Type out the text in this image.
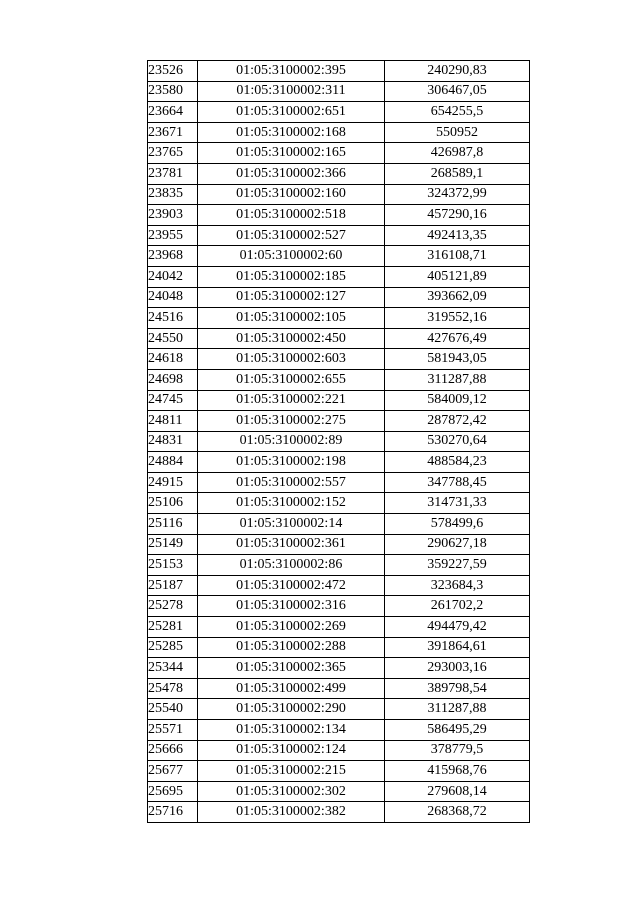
23526	01:05:3100002:395	240290,83
23580	01:05:3100002:311	306467,05
23664	01:05:3100002:651	654255,5
23671	01:05:3100002:168	550952
23765	01:05:3100002:165	426987,8
23781	01:05:3100002:366	268589,1
23835	01:05:3100002:160	324372,99
23903	01:05:3100002:518	457290,16
23955	01:05:3100002:527	492413,35
23968	01:05:3100002:60	316108,71
24042	01:05:3100002:185	405121,89
24048	01:05:3100002:127	393662,09
24516	01:05:3100002:105	319552,16
24550	01:05:3100002:450	427676,49
24618	01:05:3100002:603	581943,05
24698	01:05:3100002:655	311287,88
24745	01:05:3100002:221	584009,12
24811	01:05:3100002:275	287872,42
24831	01:05:3100002:89	530270,64
24884	01:05:3100002:198	488584,23
24915	01:05:3100002:557	347788,45
25106	01:05:3100002:152	314731,33
25116	01:05:3100002:14	578499,6
25149	01:05:3100002:361	290627,18
25153	01:05:3100002:86	359227,59
25187	01:05:3100002:472	323684,3
25278	01:05:3100002:316	261702,2
25281	01:05:3100002:269	494479,42
25285	01:05:3100002:288	391864,61
25344	01:05:3100002:365	293003,16
25478	01:05:3100002:499	389798,54
25540	01:05:3100002:290	311287,88
25571	01:05:3100002:134	586495,29
25666	01:05:3100002:124	378779,5
25677	01:05:3100002:215	415968,76
25695	01:05:3100002:302	279608,14
25716	01:05:3100002:382	268368,72
